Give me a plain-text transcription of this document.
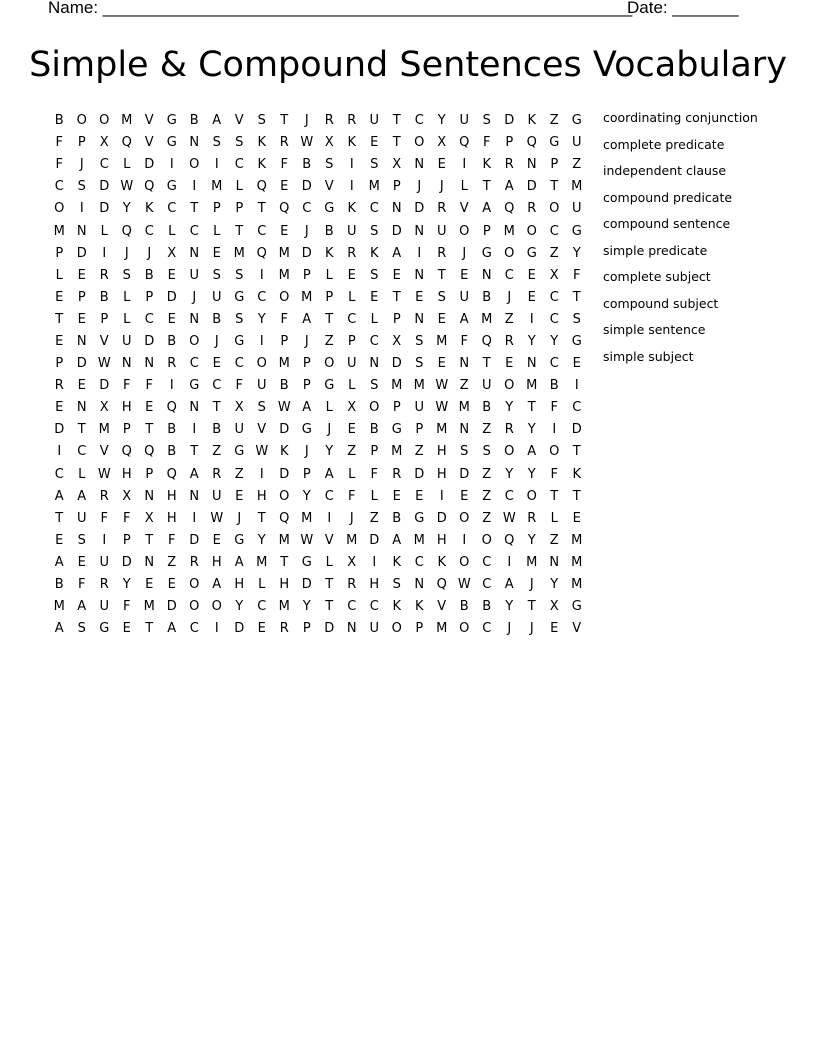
Name: ________________________________________________________
Date: _______
Simple & Compound Sentences Vocabulary
B O O M V	G	B	A	V	S	T	J	R	R	U	T	C	Y	U	S	D	K	Z	G
F	P	X Q V	G N	S	S	K	R W X	K	E	T	O X Q	F	P	Q G U
F	J	C	L	D	I	O	I	C	K	F	B	S	I	S	X	N	E	I	K	R	N	P	Z
C	S	D W Q G	I	M	L	Q	E	D	V	I	M P	J	J	L	T	A	D	T M
O	I	D	Y	K	C	T	P	P	T	Q C G	K	C	N D R	V	A Q R O U
M N	L	Q C	L	C	L	T	C	E	J	B	U	S	D N U O	P M O C G
P	D	I	J	J	X	N	E M Q M D	K	R	K	A	I	R	J	G O G	Z	Y
L	E	R	S	B	E	U	S	S	I	M P	L	E	S	E	N	T	E	N	C	E	X	F
E	P	B	L	P	D	J	U G C O M P	L	E	T	E	S	U	B	J	E	C	T
T	E	P	L	C	E	N	B	S	Y	F	A	T	C	L	P	N	E	A M Z	I	C	S
E	N	V	U D	B O	J	G	I	P	J	Z	P	C	X	S M	F	Q R	Y	Y	G
P	D W N N	R	C	E	C O M P	O U N D	S	E	N	T	E	N	C	E
R	E	D	F	F	I	G C	F	U	B	P	G	L	S M M W Z	U O M B	I
E	N	X	H	E	Q N	T	X	S W A	L	X O	P	U W M B	Y	T	F	C
D	T M P	T	B	I	B	U	V	D G	J	E	B	G	P M N	Z	R	Y	I	D
I	C	V Q Q B	T	Z	G W K	J	Y	Z	P M Z	H	S	S	O A O	T
C	L W H	P	Q A	R	Z	I	D	P	A	L	F	R D H D	Z	Y	Y	F	K
A	A	R	X	N H N U	E	H O	Y	C	F	L	E	E	I	E	Z	C O	T	T
T	U	F	F	X	H	I	W	J	T	Q M	I	J	Z	B	G D O Z W R	L	E
E	S	I	P	T	F	D	E	G	Y M W V M D	A M H	I	O Q	Y	Z M
A	E	U D N	Z	R	H	A M T	G	L	X	I	K	C	K	O C	I	M N M
B	F	R	Y	E	E	O A	H	L	H D	T	R	H	S	N Q W C	A	J	Y M
M A	U	F	M D O O	Y	C M Y	T	C	C	K	K	V	B	B	Y	T	X	G
A	S	G	E	T	A	C	I	D	E	R	P	D N U O	P M O C	J	J	E	V
coordinating conjunction
complete predicate
independent clause
compound predicate
compound sentence
simple predicate
complete subject
compound subject
simple sentence
simple subject
